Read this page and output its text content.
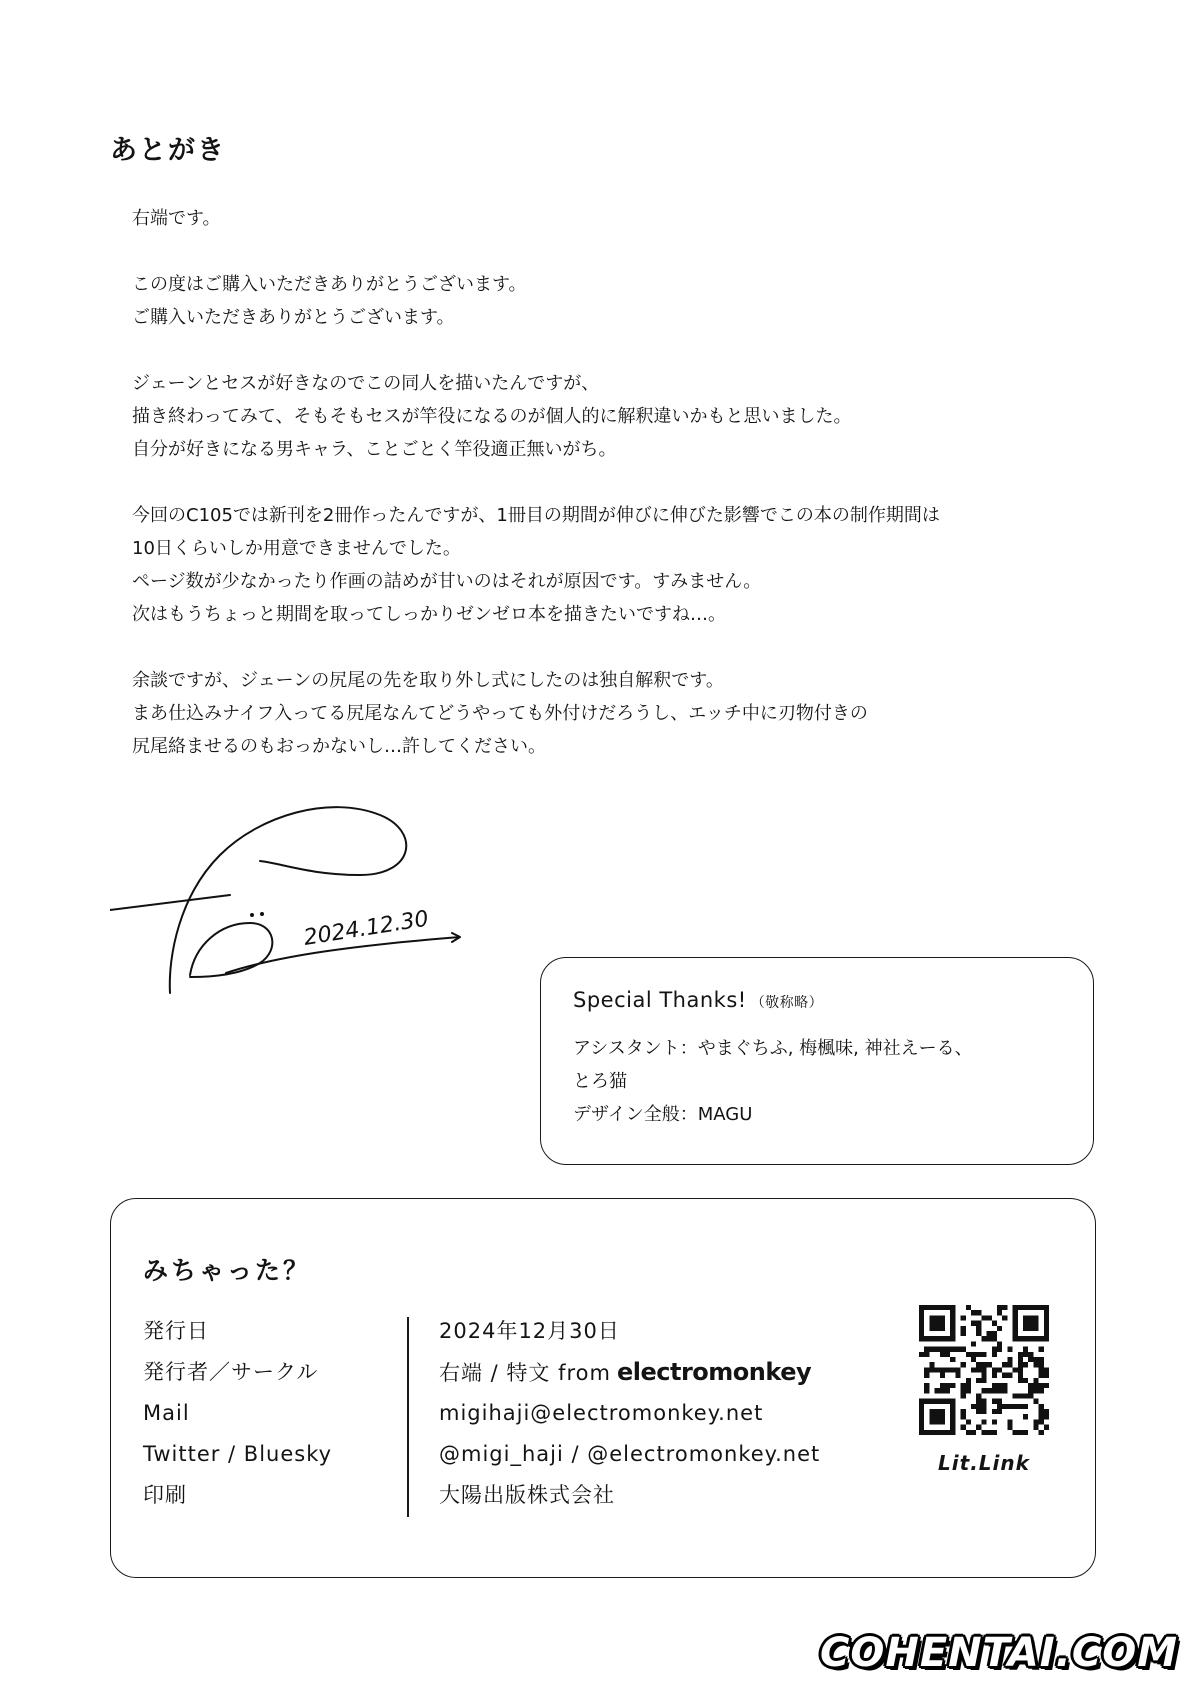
あとがき

右端です。

この度はご購入いただきありがとうございます。
ご購入いただきありがとうございます。

ジェーンとセスが好きなのでこの同人を描いたんですが、
描き終わってみて、そもそもセスが竿役になるのが個人的に解釈違いかもと思いました。
自分が好きになる男キャラ、ことごとく竿役適正無いがち。

今回のC105では新刊を2冊作ったんですが、1冊目の期間が伸びに伸びた影響でこの本の制作期間は
10日くらいしか用意できませんでした。
ページ数が少なかったり作画の詰めが甘いのはそれが原因です。すみません。
次はもうちょっと期間を取ってしっかりゼンゼロ本を描きたいですね…。

余談ですが、ジェーンの尻尾の先を取り外し式にしたのは独自解釈です。
まあ仕込みナイフ入ってる尻尾なんてどうやっても外付けだろうし、エッチ中に刃物付きの
尻尾絡ませるのもおっかないし…許してください。

2024.12.30
Special Thanks! （敬称略）
アシスタント：やまぐちふ, 梅楓味, 神社えーる、
とろ猫
デザイン全般：MAGU
みちゃった？
発行日
発行者／サークル
Mail
Twitter / Bluesky
印刷
2024年12月30日
右端 / 特文 from electromonkey
migihaji@electromonkey.net
@migi_haji / @electromonkey.net
大陽出版株式会社
Lit.Link
COHENTAI.COM
